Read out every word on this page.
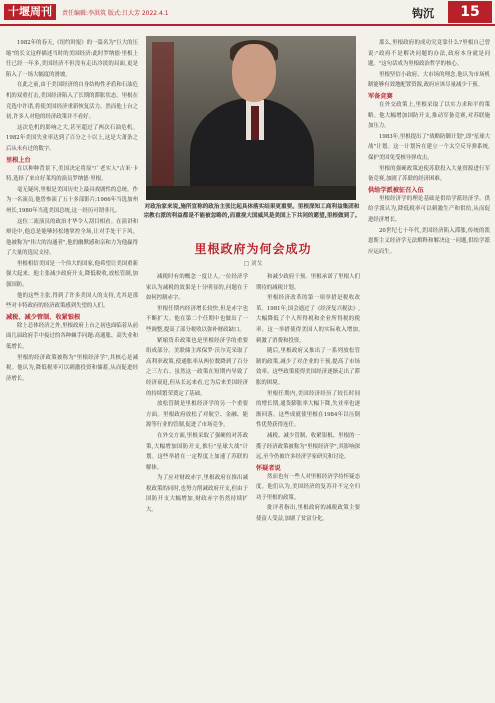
十堰周刊	责任编辑:李洪筑 版式:吕大芳 2022.4.1	钩沉	15

1982年的春天,《纽约时报》的一篇名为"巨大的压缩"的长文这样描述当时的美国经济:此时罗纳德·里根上任已经一年多,美国经济不但没有走出冷淡的局面,更是陷入了一场大幅度的滑坡。

在此之前,由于美国经济的自身结构性矛盾和石油危机的双重打击,美国经济陷入了长期的滞胀状态。里根在竞选中许诺,将使美国经济重新恢复活力。然而他上台之初,许多人对他的经济政策并不看好。

这次危机的影响之大,甚至超过了两次石油危机。1982年美国失业率达到了百分之十以上,这是大萧条之后从未有过的数字。

里根上台

在以种种背景下,美国决定将原"广老实人"吉米·卡特,选择了来自好莱坞的演员罗纳德·里根。

毫无疑问,里根是美国历史上最具戏剧性的总统。作为一名演员,他曾参演了五十多部影片;1966年当选加州州长,1980年当选美国总统,这一经历可谓非凡。

这位二流演员的政治才华令人刮目相看。在演讲和辩论中,他总是能够轻松地掌控全场,让对手处于下风。他被称为"伟大的沟通者",他的幽默感和亲和力为他赢得了大量的选民支持。

里根相信美国是一个伟大的国家,他希望让美国重新强大起来。他主张减少政府开支,降低税收,放松管制,加强国防。

他的这些主张,得到了许多美国人的支持,尤其是那些对卡特政府的经济政策感到失望的人们。

减税、减少管制、收紧银根

除上总体经济之外,里根政府上台之初也面临着从前面几届政府手中接过的各种棘手问题:高通胀、高失业和低增长。

里根的经济政策被称为"里根经济学",其核心是减税。他认为,降低税率可以刺激投资和储蓄,从而促进经济增长。

对政治家来说,施所宣称的政治主张比起具体落实结果更重要。里根深知工商利益集团和宗教右派的利益都是不能被忽略的,而重视大国威风是美国上下共同的愿望,里根做到了。
里根政府为何会成功
□ 刘戈

减税时有的概念一度让人,一位经济学家认为减税的效果是十分明显的,问题在于如何控制赤字。

里根任期内经济增长较快,但是赤字也不断扩大。他在第二个任期中也做出了一些调整,提高了部分税收以弥补财政缺口。

紧缩货币政策也是里根经济学的重要组成部分。美联储主席保罗·沃尔克采取了高利率政策,使通胀率从两位数降到了百分之三左右。虽然这一政策在短期内导致了经济衰退,但从长远来看,它为后来美国经济的持续繁荣奠定了基础。

放松管制是里根经济学的另一个重要方面。里根政府放松了对航空、金融、能源等行业的管制,促进了市场竞争。

在外交方面,里根采取了强硬的对苏政策,大幅增加国防开支,推行"星球大战"计划。这些举措在一定程度上加速了苏联的解体。

为了应对财政赤字,里根政府在推出减税政策的同时,也努力削减政府开支,但由于国防开支大幅增加,财政赤字仍然持续扩大。

和减少政府干预。里根承诺了里根人们期待的减税计划。

里根经济改革的第一项举措是税收改革。1981年,国会通过了《经济复兴税法》,大幅降低了个人所得税和企业所得税的税率。这一举措使得美国人的实际收入增加,刺激了消费和投资。

随后,里根政府又推出了一系列放松管制的政策,减少了对企业的干预,提高了市场效率。这些政策使得美国经济逐渐走出了滞胀的困境。

里根任期内,美国经济经历了较长时间的增长期,通货膨胀率大幅下降,失业率也逐渐回落。这些成就使里根在1984年以压倒性优势获得连任。

减税、减少管制、收紧银根、里根的一揽子经济政策被称为"里根经济学",其影响深远,至今仍被许多经济学家研究和讨论。

怀疑者说

然而也有一些人对里根经济学持怀疑态度。他们认为,美国经济的复苏并不完全归功于里根的政策。

批评者指出,里根政府的减税政策主要使富人受益,加剧了贫富分化。

那么,里根政府的成功究竟靠什么?里根自己曾说:"政府不是解决问题的办法,政府本身就是问题。"这句话成为里根政治哲学的核心。

里根坚信小政府、大市场的理念,他认为市场机制能够有效地配置资源,政府应该尽量减少干预。

军备竞赛

在外交政策上,里根采取了以实力求和平的策略。他大幅增加国防开支,推动军备竞赛,对苏联施加压力。

1983年,里根提出了"战略防御计划",即"星球大战"计划。这一计划旨在建立一个太空反导弹系统,保护美国免受核导弹攻击。

里根的强硬政策迫使苏联投入大量资源进行军备竞赛,加剧了苏联的经济困难。

供给学派被征召入伍

里根经济学的理论基础是供给学派经济学。供给学派认为,降低税率可以刺激生产和供给,从而促进经济增长。

20世纪七十年代,美国经济陷入滞胀,传统的凯恩斯主义经济学无法解释和解决这一问题,供给学派应运而生。
